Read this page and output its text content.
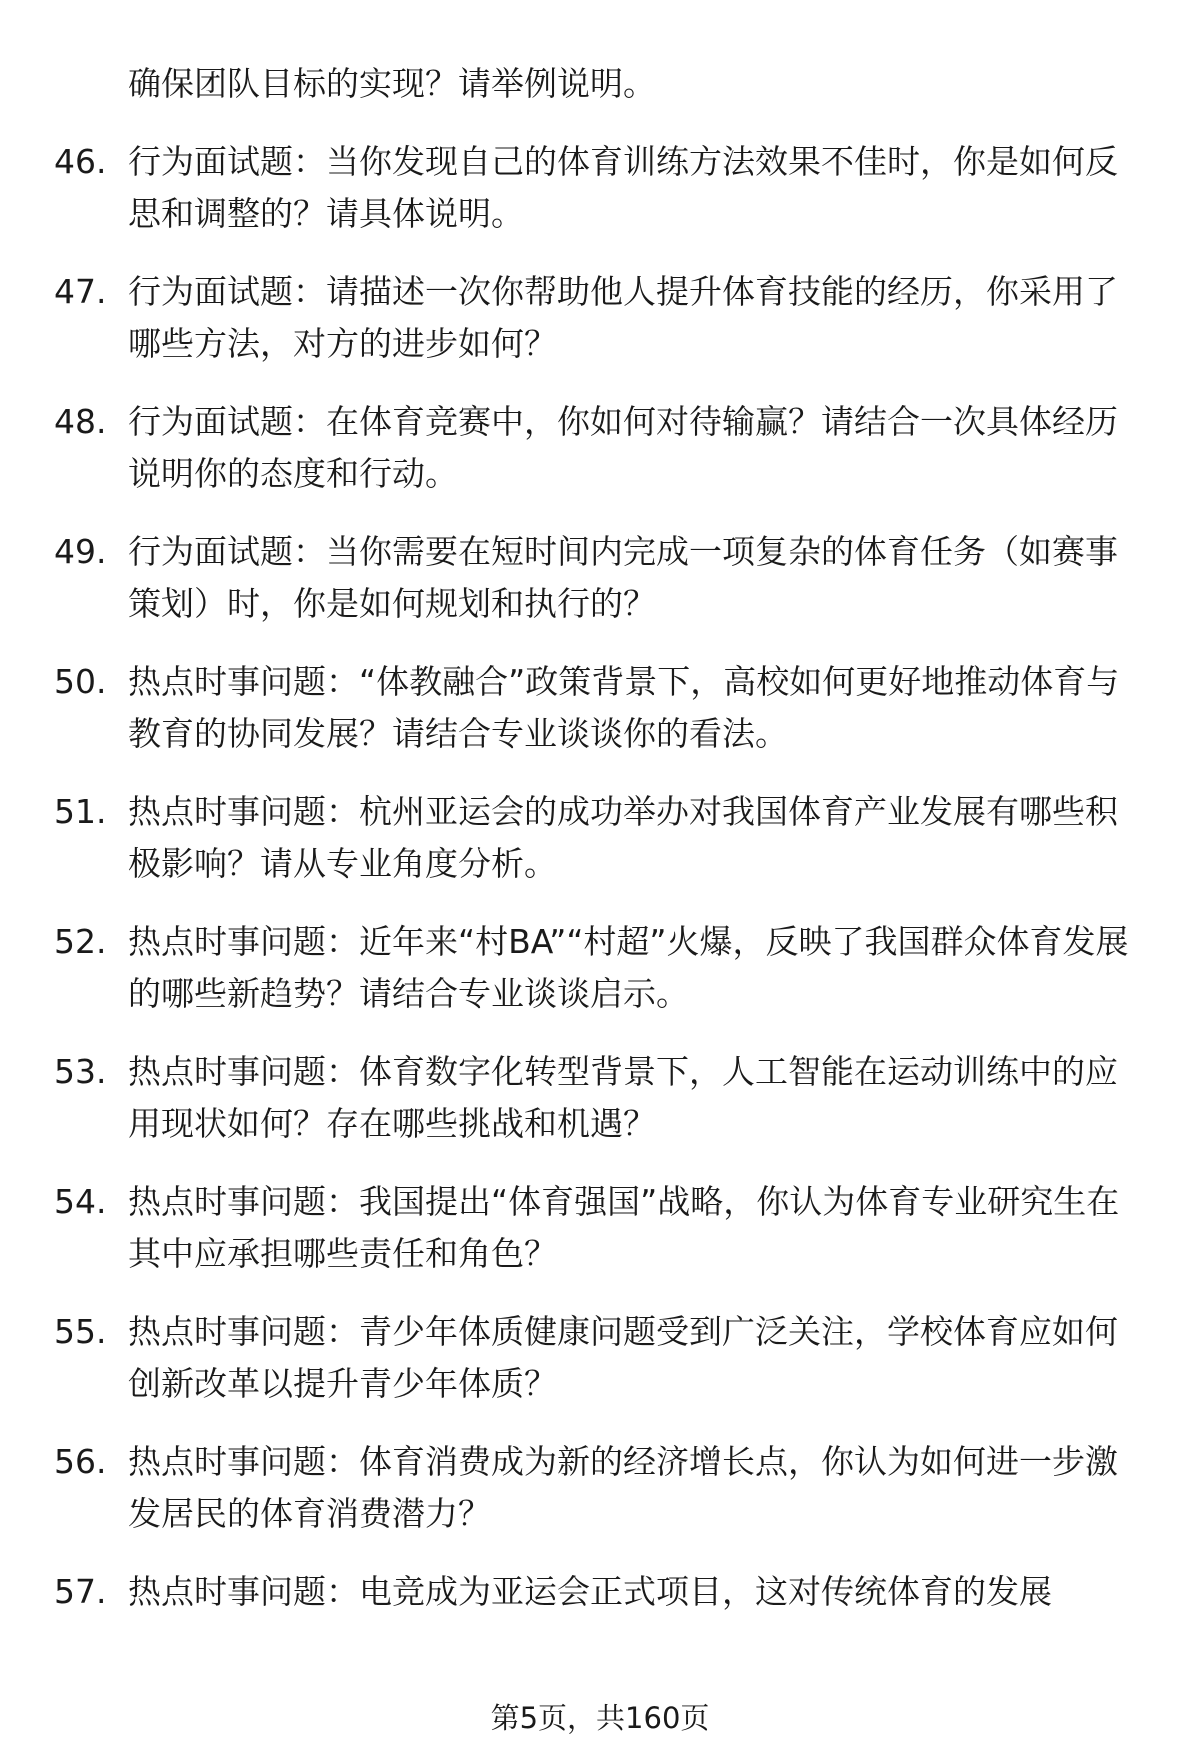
确保团队目标的实现？请举例说明。
46. 行为面试题：当你发现自己的体育训练方法效果不佳时，你是如何反思和调整的？请具体说明。
47. 行为面试题：请描述一次你帮助他人提升体育技能的经历，你采用了哪些方法，对方的进步如何？
48. 行为面试题：在体育竞赛中，你如何对待输赢？请结合一次具体经历说明你的态度和行动。
49. 行为面试题：当你需要在短时间内完成一项复杂的体育任务（如赛事策划）时，你是如何规划和执行的？
50. 热点时事问题：“体教融合”政策背景下，高校如何更好地推动体育与教育的协同发展？请结合专业谈谈你的看法。
51. 热点时事问题：杭州亚运会的成功举办对我国体育产业发展有哪些积极影响？请从专业角度分析。
52. 热点时事问题：近年来“村BA”“村超”火爆，反映了我国群众体育发展的哪些新趋势？请结合专业谈谈启示。
53. 热点时事问题：体育数字化转型背景下，人工智能在运动训练中的应用现状如何？存在哪些挑战和机遇？
54. 热点时事问题：我国提出“体育强国”战略，你认为体育专业研究生在其中应承担哪些责任和角色？
55. 热点时事问题：青少年体质健康问题受到广泛关注，学校体育应如何创新改革以提升青少年体质？
56. 热点时事问题：体育消费成为新的经济增长点，你认为如何进一步激发居民的体育消费潜力？
57. 热点时事问题：电竞成为亚运会正式项目，这对传统体育的发展
第5页，共160页
